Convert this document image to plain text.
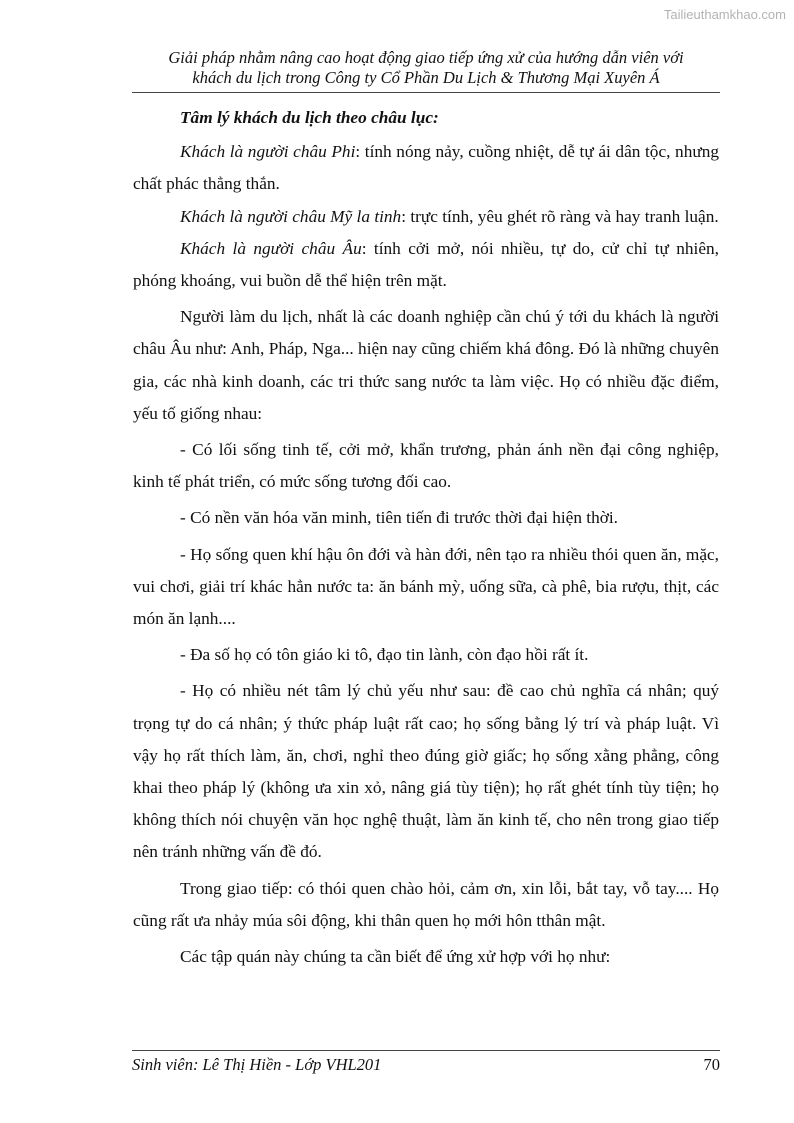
Tailieuthamkhao.com
Giải pháp nhằm nâng cao hoạt động giao tiếp ứng xử của hướng dẫn viên với
khách du lịch trong Công ty Cổ Phần Du Lịch & Thương Mại Xuyên Á

Tâm lý khách du lịch theo châu lục:

Khách là người châu Phi: tính nóng nảy, cuồng nhiệt, dễ tự ái dân tộc, nhưng chất phác thẳng thắn.

Khách là người châu Mỹ la tinh: trực tính, yêu ghét rõ ràng và hay tranh luận.

Khách là người châu Âu: tính cởi mở, nói nhiều, tự do, cử chỉ tự nhiên, phóng khoáng, vui buồn dễ thể hiện trên mặt.

Người làm du lịch, nhất là các doanh nghiệp cần chú ý tới du khách là người châu Âu như: Anh, Pháp, Nga... hiện nay cũng chiếm khá đông. Đó là những chuyên gia, các nhà kinh doanh, các tri thức sang nước ta làm việc. Họ có nhiều đặc điểm, yếu tố giống nhau:

- Có lối sống tinh tế, cởi mở, khẩn trương, phản ánh nền đại công nghiệp, kinh tế phát triển, có mức sống tương đối cao.

- Có nền văn hóa văn minh, tiên tiến đi trước thời đại hiện thời.

- Họ sống quen khí hậu ôn đới và hàn đới, nên tạo ra nhiều thói quen ăn, mặc, vui chơi, giải trí khác hẳn nước ta: ăn bánh mỳ, uống sữa, cà phê, bia rượu, thịt, các món ăn lạnh....

- Đa số họ có tôn giáo ki tô, đạo tin lành, còn đạo hồi rất ít.

- Họ có nhiều nét tâm lý chủ yếu như sau: đề cao chủ nghĩa cá nhân; quý trọng tự do cá nhân; ý thức pháp luật rất cao; họ sống bằng lý trí và pháp luật. Vì vậy họ rất thích làm, ăn, chơi, nghỉ theo đúng giờ giấc; họ sống xằng phẳng, công khai theo pháp lý (không ưa xin xỏ, nâng giá tùy tiện); họ rất ghét tính tùy tiện; họ không thích nói chuyện văn học nghệ thuật, làm ăn kinh tế, cho nên trong giao tiếp nên tránh những vấn đề đó.

Trong giao tiếp: có thói quen chào hỏi, cảm ơn, xin lỗi, bắt tay, vỗ tay.... Họ cũng rất ưa nhảy múa sôi động, khi thân quen họ mới hôn tthân mật.

Các tập quán này chúng ta cần biết để ứng xử hợp với họ như:

Sinh viên: Lê Thị Hiền - Lớp VHL201	70
